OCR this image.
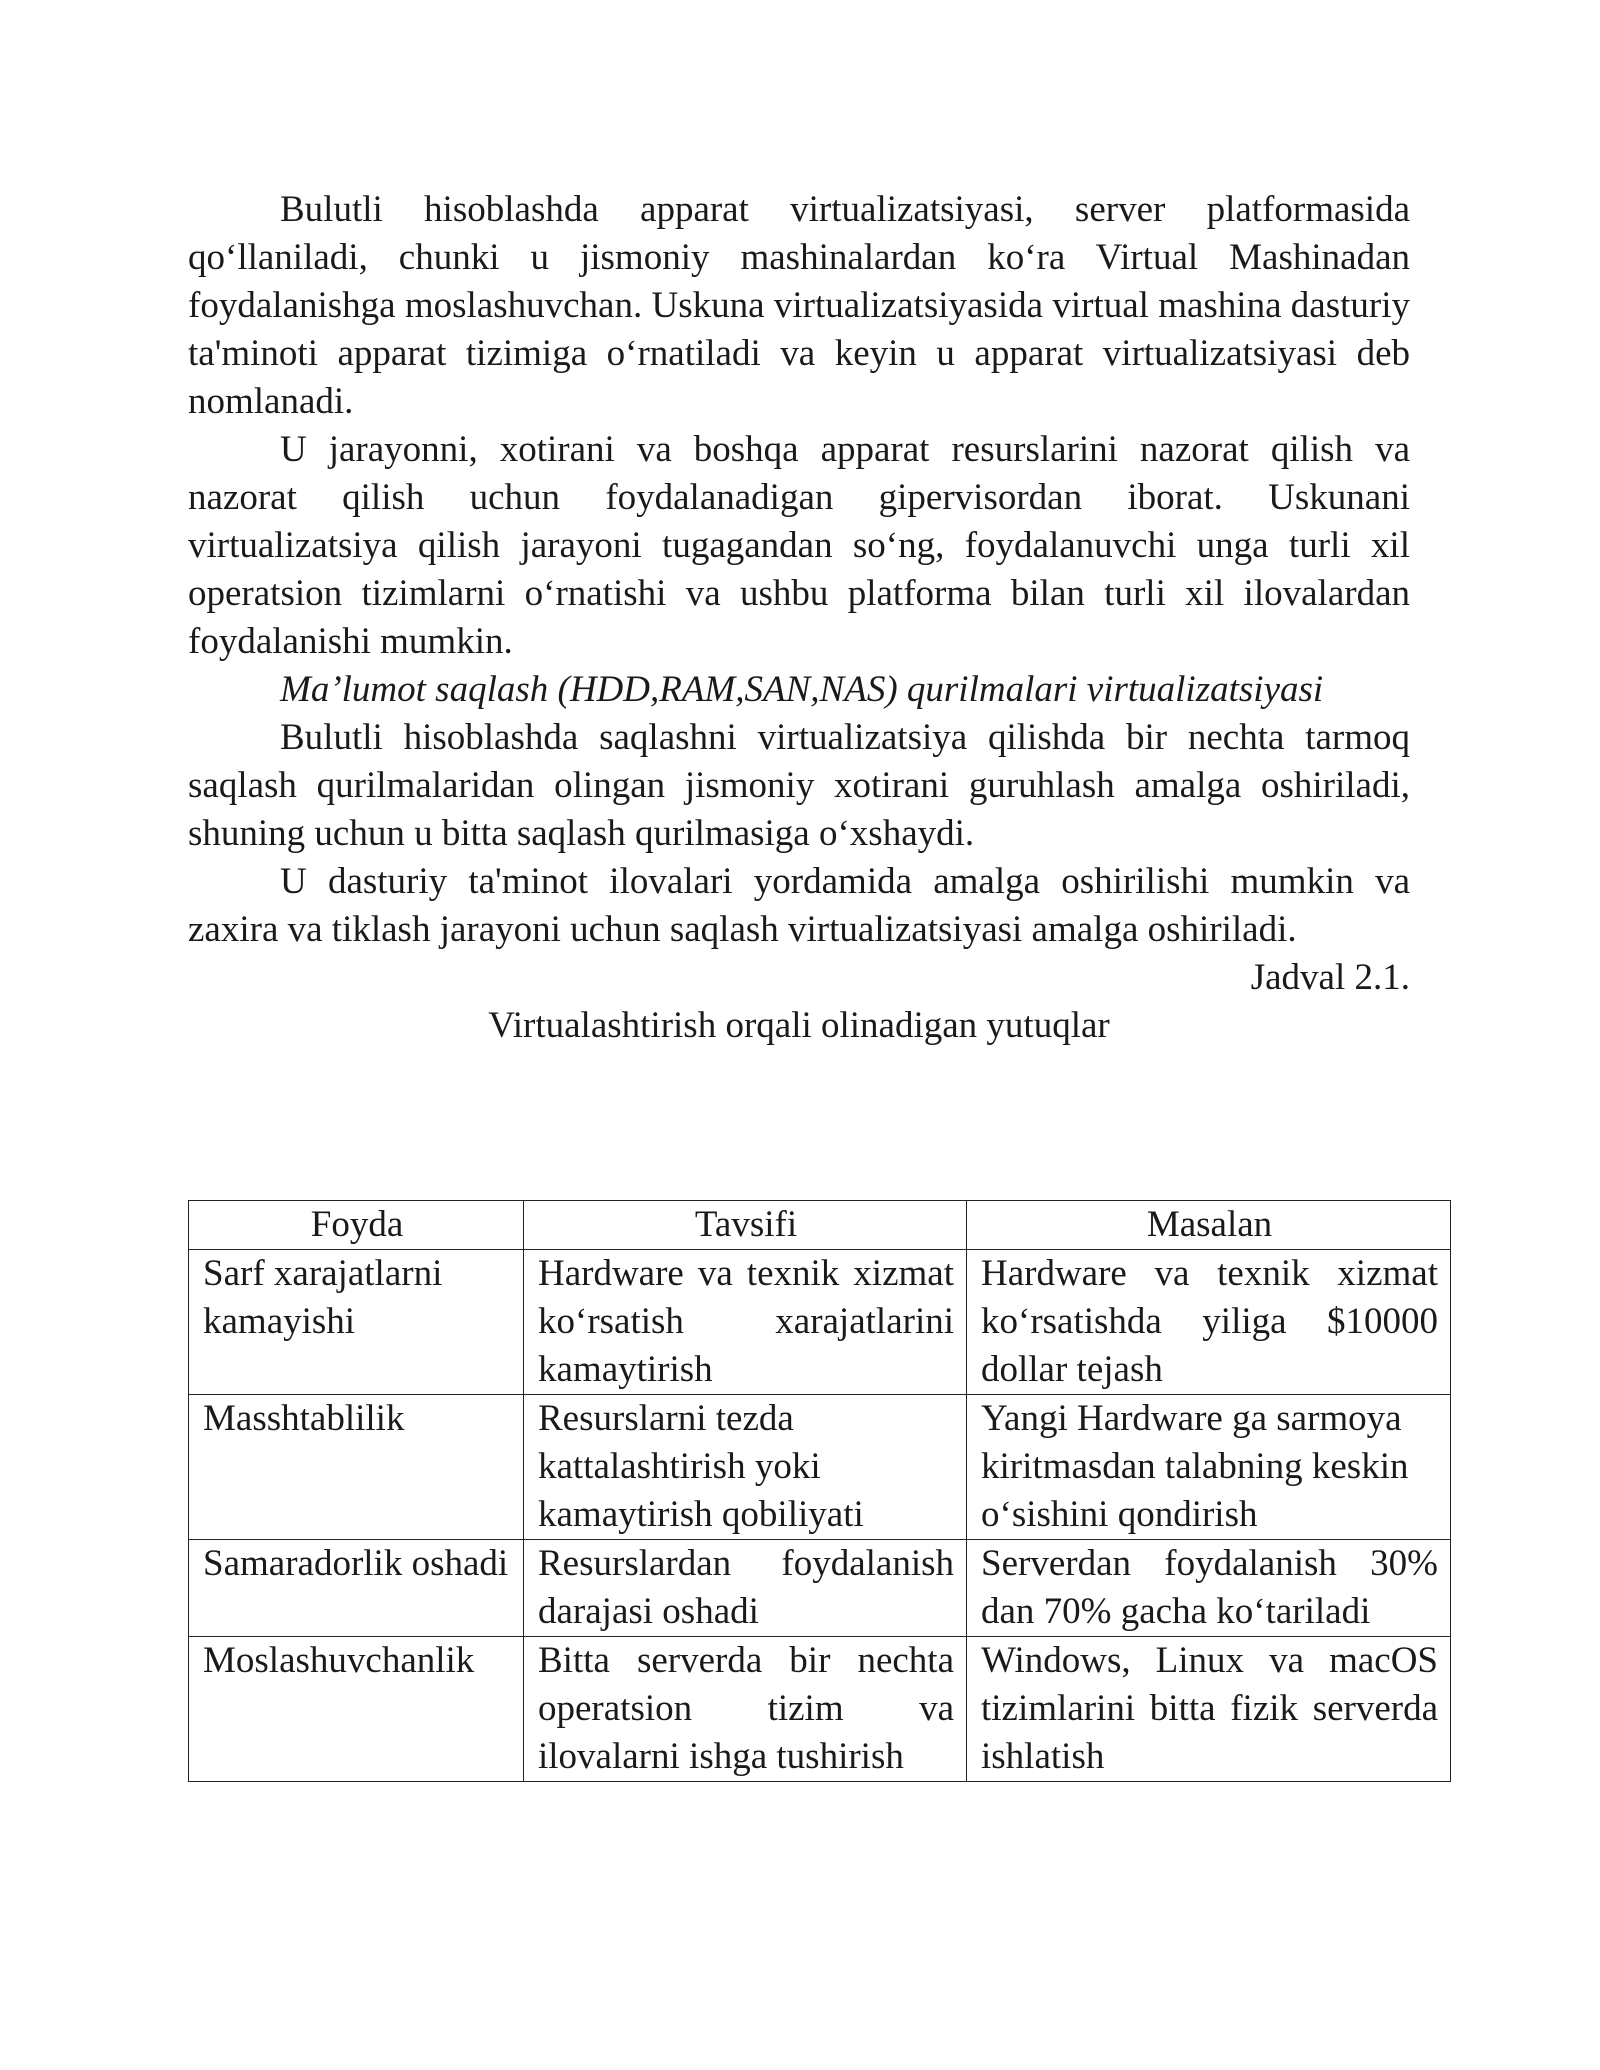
Bulutli hisoblashda apparat virtualizatsiyasi, server platformasida qo‘llaniladi, chunki u jismoniy mashinalardan ko‘ra Virtual Mashinadan foydalanishga moslashuvchan. Uskuna virtualizatsiyasida virtual mashina dasturiy ta'minoti apparat tizimiga o‘rnatiladi va keyin u apparat virtualizatsiyasi deb nomlanadi.

U jarayonni, xotirani va boshqa apparat resurslarini nazorat qilish va nazorat qilish uchun foydalanadigan gipervisordan iborat. Uskunani virtualizatsiya qilish jarayoni tugagandan so‘ng, foydalanuvchi unga turli xil operatsion tizimlarni o‘rnatishi va ushbu platforma bilan turli xil ilovalardan foydalanishi mumkin.

Ma’lumot saqlash (HDD,RAM,SAN,NAS) qurilmalari virtualizatsiyasi

Bulutli hisoblashda saqlashni virtualizatsiya qilishda bir nechta tarmoq saqlash qurilmalaridan olingan jismoniy xotirani guruhlash amalga oshiriladi, shuning uchun u bitta saqlash qurilmasiga o‘xshaydi.

U dasturiy ta'minot ilovalari yordamida amalga oshirilishi mumkin va zaxira va tiklash jarayoni uchun saqlash virtualizatsiyasi amalga oshiriladi.

Jadval 2.1.

Virtualashtirish orqali olinadigan yutuqlar

Foyda	Tavsifi	Masalan
Sarf xarajatlarni kamayishi	Hardware va texnik xizmat ko‘rsatish xarajatlarini kamaytirish	Hardware va texnik xizmat ko‘rsatishda yiliga $10000 dollar tejash
Masshtablilik	Resurslarni tezda kattalashtirish yoki kamaytirish qobiliyati	Yangi Hardware ga sarmoya kiritmasdan talabning keskin o‘sishini qondirish
Samaradorlik oshadi	Resurslardan foydalanish darajasi oshadi	Serverdan foydalanish 30% dan 70% gacha ko‘tariladi
Moslashuvchanlik	Bitta serverda bir nechta operatsion tizim va ilovalarni ishga tushirish	Windows, Linux va macOS tizimlarini bitta fizik serverda ishlatish
